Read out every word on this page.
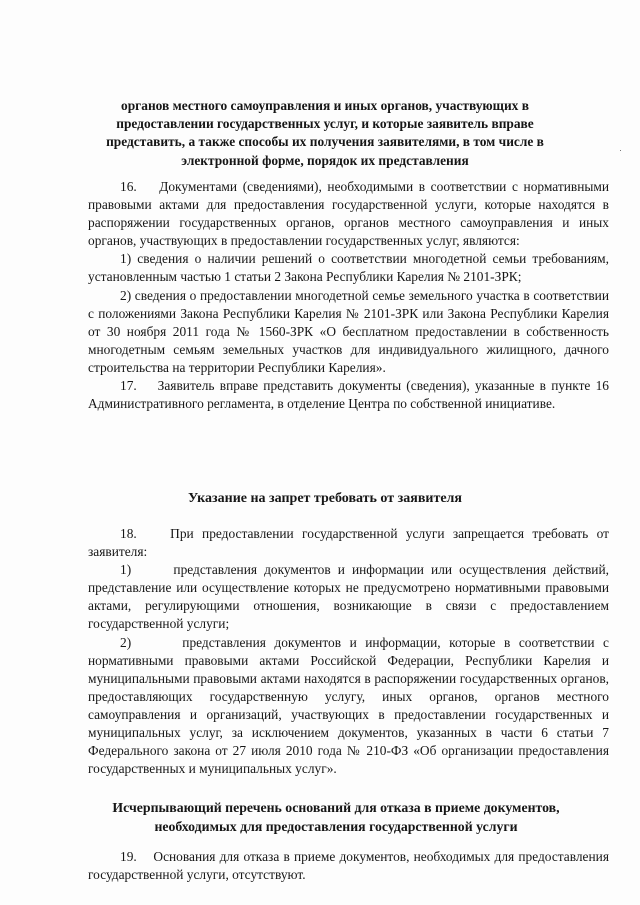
органов местного самоуправления и иных органов, участвующих в предоставлении государственных услуг, и которые заявитель вправе представить, а также способы их получения заявителями, в том числе в электронной форме, порядок их представления

16.    Документами (сведениями), необходимыми в соответствии с нормативными правовыми актами для предоставления государственной услуги, которые находятся в распоряжении государственных органов, органов местного самоуправления и иных органов, участвующих в предоставлении государственных услуг, являются:

1) сведения о наличии решений о соответствии многодетной семьи требованиям, установленным частью 1 статьи 2 Закона Республики Карелия № 2101-ЗРК;

2) сведения о предоставлении многодетной семье земельного участка в соответствии с положениями Закона Республики Карелия № 2101-ЗРК или Закона Республики Карелия от 30 ноября 2011 года № 1560-ЗРК «О бесплатном предоставлении в собственность многодетным семьям земельных участков для индивидуального жилищного, дачного строительства на территории Республики Карелия».

17.    Заявитель вправе представить документы (сведения), указанные в пункте 16 Административного регламента, в отделение Центра по собственной инициативе.

Указание на запрет требовать от заявителя

18.    При предоставлении государственной услуги запрещается требовать от заявителя:

1)      представления документов и информации или осуществления действий, представление или осуществление которых не предусмотрено нормативными правовыми актами, регулирующими отношения, возникающие в связи с предоставлением государственной услуги;

2)      представления документов и информации, которые в соответствии с нормативными правовыми актами Российской Федерации, Республики Карелия и муниципальными правовыми актами находятся в распоряжении государственных органов, предоставляющих государственную услугу, иных органов, органов местного самоуправления и организаций, участвующих в предоставлении государственных и муниципальных услуг, за исключением документов, указанных в части 6 статьи 7 Федерального закона от 27 июля 2010 года № 210-ФЗ «Об организации предоставления государственных и муниципальных услуг».

Исчерпывающий перечень оснований для отказа в приеме документов, необходимых для предоставления государственной услуги

19.    Основания для отказа в приеме документов, необходимых для предоставления государственной услуги, отсутствуют.
